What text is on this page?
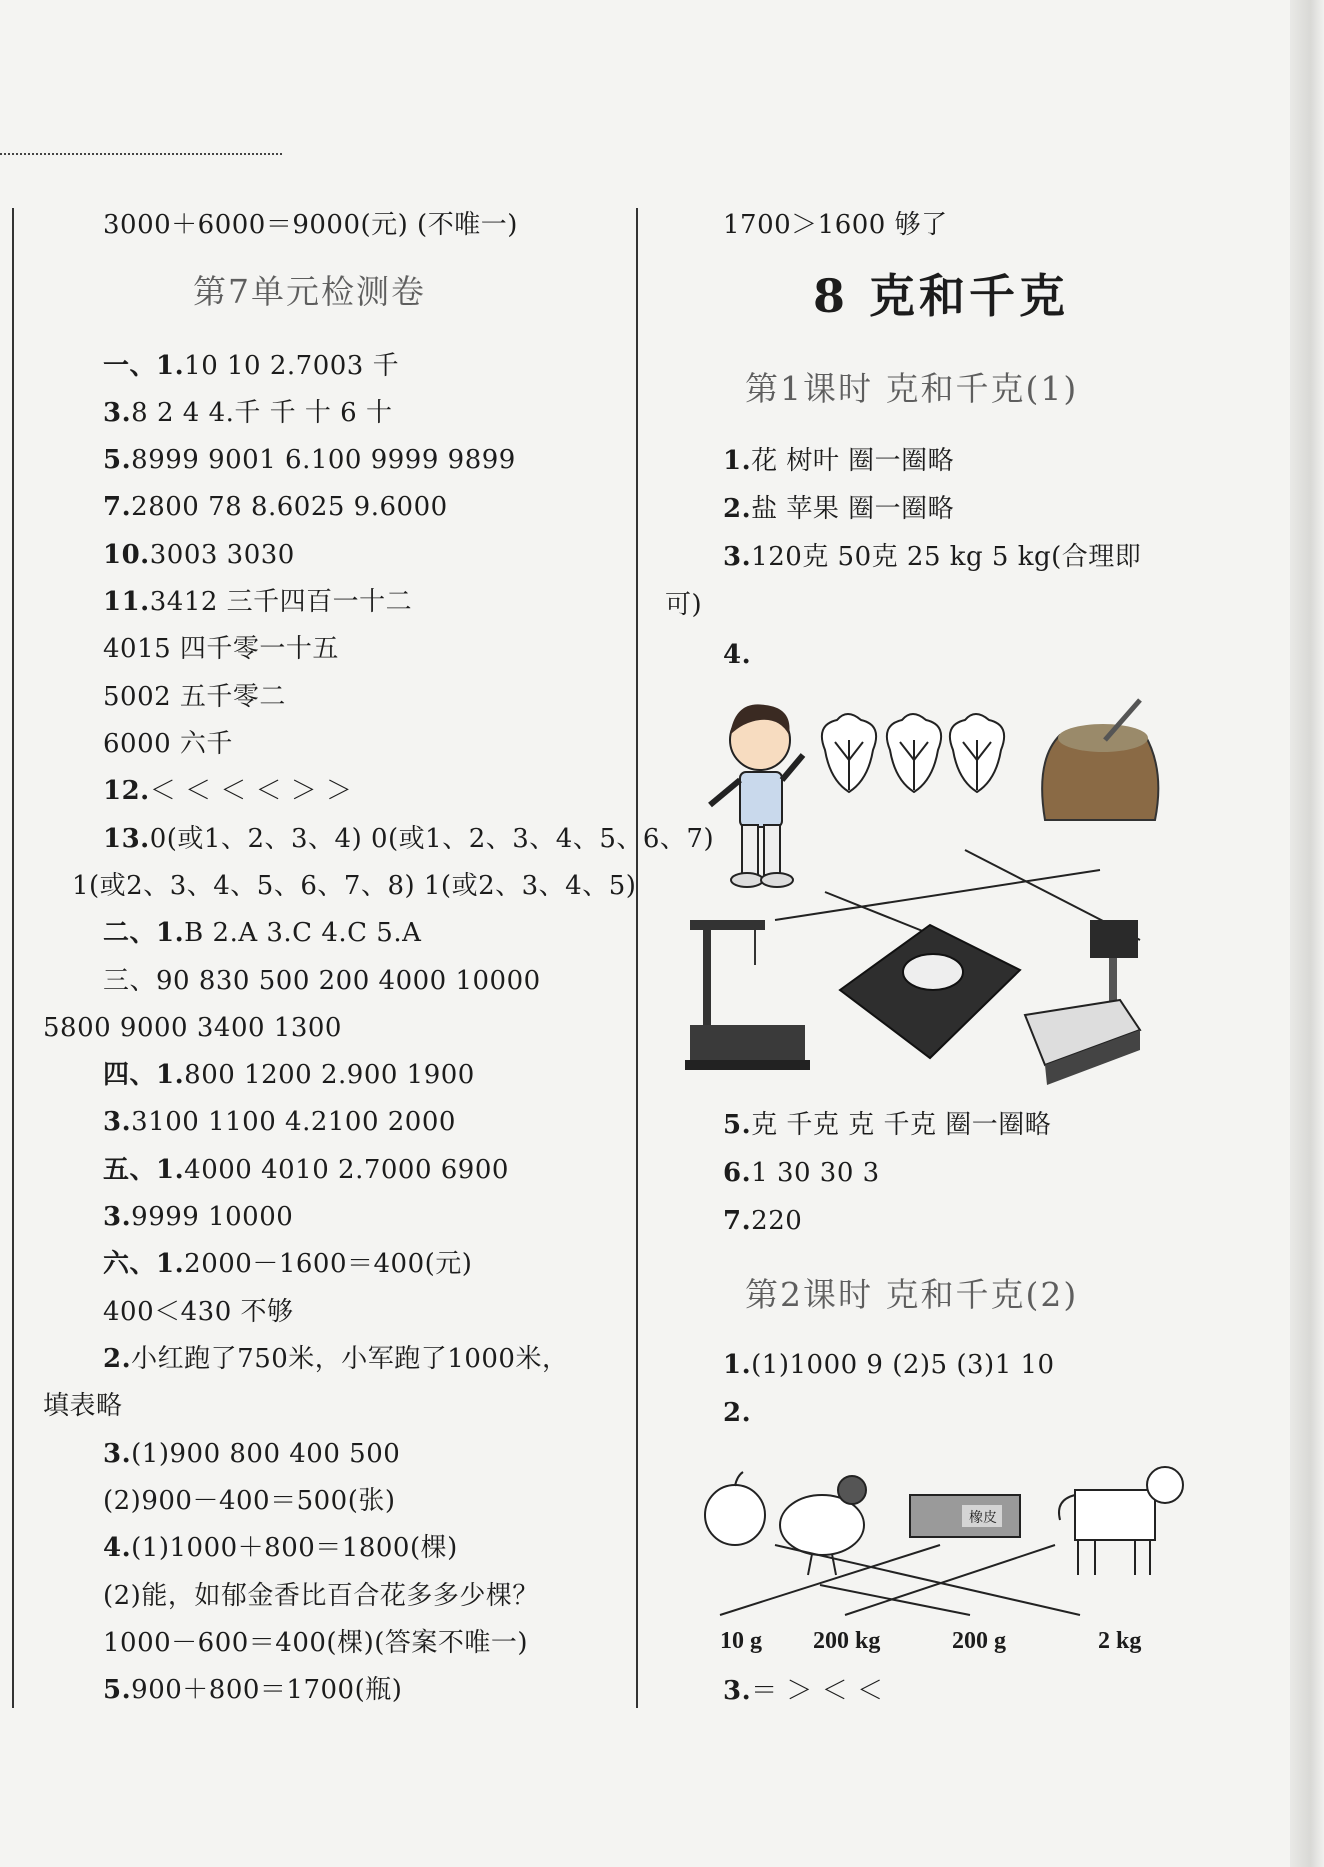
3000＋6000＝9000(元) (不唯一)
第7单元检测卷
一、1.10 10 2.7003 千
3.8 2 4 4.千 千 十 6 十
5.8999 9001 6.100 9999 9899
7.2800 78 8.6025 9.6000
10.3003 3030
11.3412 三千四百一十二
4015 四千零一十五
5002 五千零二
6000 六千
12.＜ ＜ ＜ ＜ ＞ ＞
13.0(或1、2、3、4) 0(或1、2、3、4、5、6、7)
1(或2、3、4、5、6、7、8) 1(或2、3、4、5)
二、1.B 2.A 3.C 4.C 5.A
三、90 830 500 200 4000 10000
5800 9000 3400 1300
四、1.800 1200 2.900 1900
3.3100 1100 4.2100 2000
五、1.4000 4010 2.7000 6900
3.9999 10000
六、1.2000－1600＝400(元)
400＜430 不够
2.小红跑了750米，小军跑了1000米，
填表略
3.(1)900 800 400 500
(2)900－400＝500(张)
4.(1)1000＋800＝1800(棵)
(2)能，如郁金香比百合花多多少棵？
1000－600＝400(棵)(答案不唯一)
5.900＋800＝1700(瓶)
1700＞1600 够了
8 克和千克
第1课时 克和千克(1)
1.花 树叶 圈一圈略
2.盐 苹果 圈一圈略
3.120克 50克 25 kg 5 kg(合理即
可)
4.
5.克 千克 克 千克 圈一圈略
6.1 30 30 3
7.220
第2课时 克和千克(2)
1.(1)1000 9 (2)5 (3)1 10
2.
橡皮
10 g 200 kg	200 g	2 kg
3.＝ ＞ ＜ ＜
